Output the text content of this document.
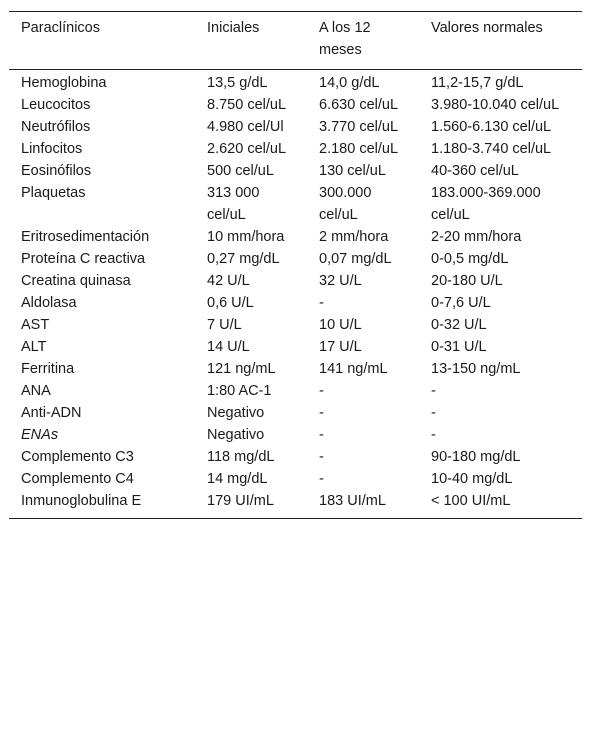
Paraclínicos	Iniciales	A los 12 meses	Valores normales
Hemoglobina	13,5 g/dL	14,0 g/dL	11,2-15,7 g/dL
Leucocitos	8.750 cel/uL	6.630 cel/uL	3.980-10.040 cel/uL
Neutrófilos	4.980 cel/Ul	3.770 cel/uL	1.560-6.130 cel/uL
Linfocitos	2.620 cel/uL	2.180 cel/uL	1.180-3.740 cel/uL
Eosinófilos	500 cel/uL	130 cel/uL	40-360 cel/uL
Plaquetas	313 000 cel/uL	300.000 cel/uL	183.000-369.000 cel/uL
Eritrosedimentación	10 mm/hora	2 mm/hora	2-20 mm/hora
Proteína C reactiva	0,27 mg/dL	0,07 mg/dL	0-0,5 mg/dL
Creatina quinasa	42 U/L	32 U/L	20-180 U/L
Aldolasa	0,6 U/L	-	0-7,6 U/L
AST	7 U/L	10 U/L	0-32 U/L
ALT	14 U/L	17 U/L	0-31 U/L
Ferritina	121 ng/mL	141 ng/mL	13-150 ng/mL
ANA	1:80 AC-1	-	-
Anti-ADN	Negativo	-	-
ENAs	Negativo	-	-
Complemento C3	118 mg/dL	-	90-180 mg/dL
Complemento C4	14 mg/dL	-	10-40 mg/dL
Inmunoglobulina E	179 UI/mL	183 UI/mL	< 100 UI/mL
